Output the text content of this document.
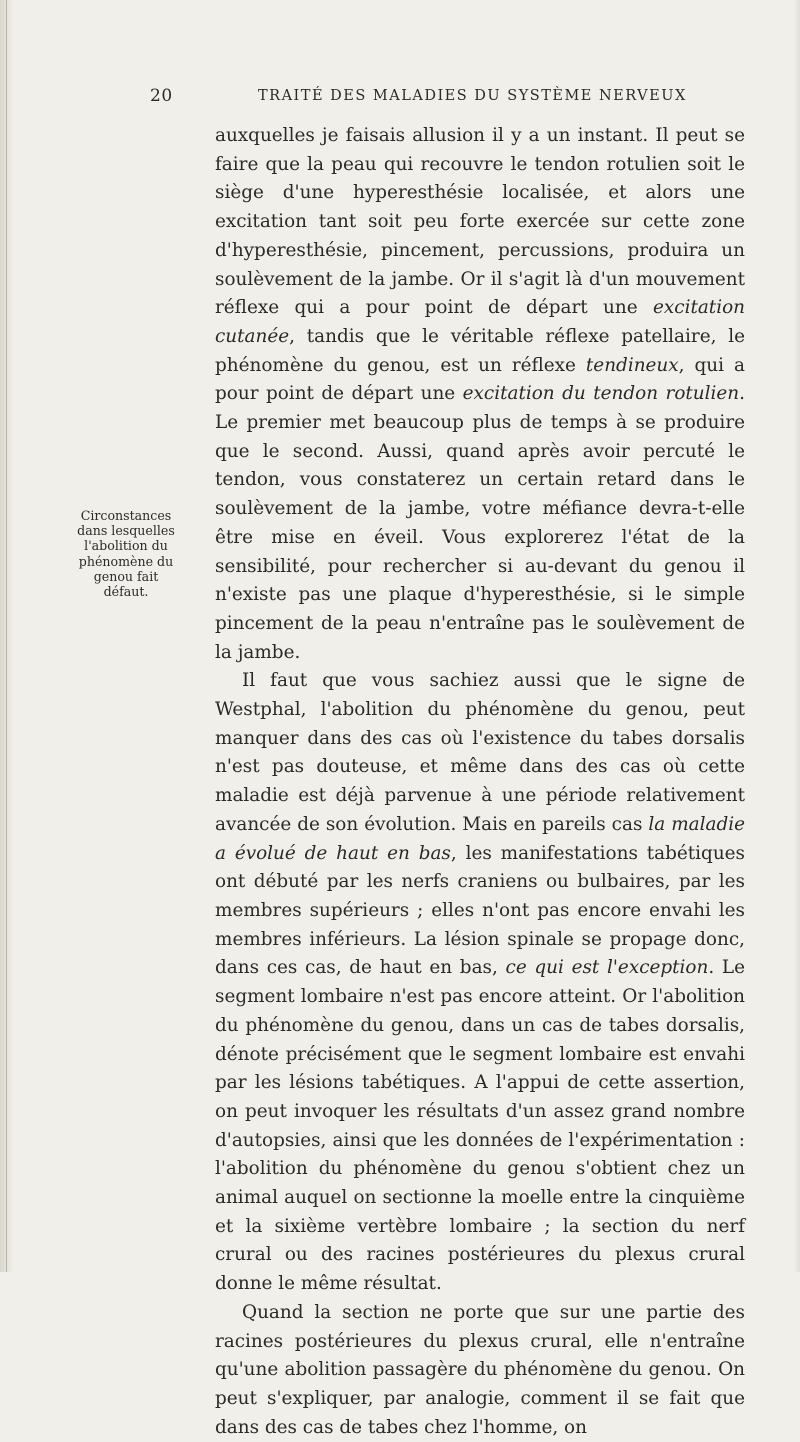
20	TRAITÉ DES MALADIES DU SYSTÈME NERVEUX
Circonstances
dans lesquelles
l'abolition du
phénomène du
genou fait
défaut.

auxquelles je faisais allusion il y a un instant. Il peut se faire que la peau qui recouvre le tendon rotulien soit le siège d'une hyperesthésie localisée, et alors une excitation tant soit peu forte exercée sur cette zone d'hyperesthésie, pincement, percussions, produira un soulèvement de la jambe. Or il s'agit là d'un mouvement réflexe qui a pour point de départ une excitation cutanée, tandis que le véritable réflexe patellaire, le phénomène du genou, est un réflexe tendineux, qui a pour point de départ une excitation du tendon rotulien. Le premier met beaucoup plus de temps à se produire que le second. Aussi, quand après avoir percuté le tendon, vous constaterez un certain retard dans le soulèvement de la jambe, votre méfiance devra-t-elle être mise en éveil. Vous explorerez l'état de la sensibilité, pour rechercher si au-devant du genou il n'existe pas une plaque d'hyperesthésie, si le simple pincement de la peau n'entraîne pas le soulèvement de la jambe.

Il faut que vous sachiez aussi que le signe de Westphal, l'abolition du phénomène du genou, peut manquer dans des cas où l'existence du tabes dorsalis n'est pas douteuse, et même dans des cas où cette maladie est déjà parvenue à une période relativement avancée de son évolution. Mais en pareils cas la maladie a évolué de haut en bas, les manifestations tabétiques ont débuté par les nerfs craniens ou bulbaires, par les membres supérieurs ; elles n'ont pas encore envahi les membres inférieurs. La lésion spinale se propage donc, dans ces cas, de haut en bas, ce qui est l'exception. Le segment lombaire n'est pas encore atteint. Or l'abolition du phénomène du genou, dans un cas de tabes dorsalis, dénote précisément que le segment lombaire est envahi par les lésions tabétiques. A l'appui de cette assertion, on peut invoquer les résultats d'un assez grand nombre d'autopsies, ainsi que les données de l'expérimentation : l'abolition du phénomène du genou s'obtient chez un animal auquel on sectionne la moelle entre la cinquième et la sixième vertèbre lombaire ; la section du nerf crural ou des racines postérieures du plexus crural donne le même résultat.

Quand la section ne porte que sur une partie des racines postérieures du plexus crural, elle n'entraîne qu'une abolition passagère du phénomène du genou. On peut s'expliquer, par analogie, comment il se fait que dans des cas de tabes chez l'homme, on
